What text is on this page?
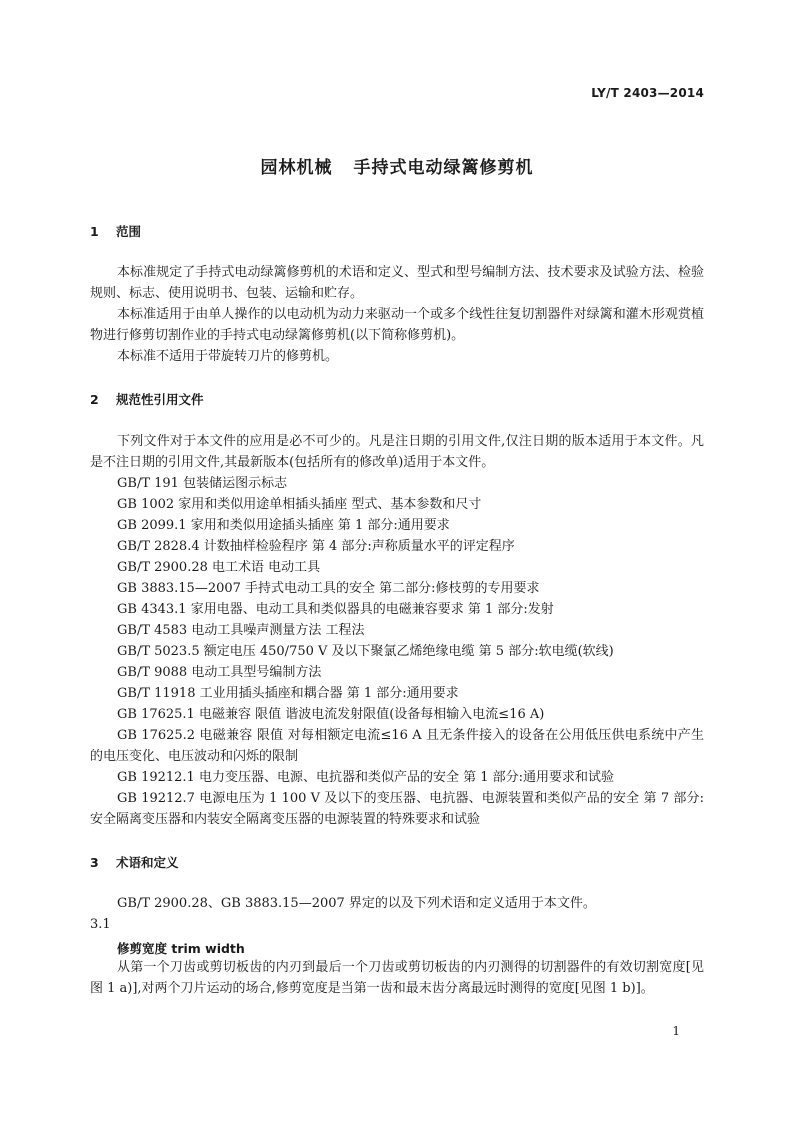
LY/T 2403—2014
园林机械 手持式电动绿篱修剪机
1 范围

本标准规定了手持式电动绿篱修剪机的术语和定义、型式和型号编制方法、技术要求及试验方法、检验规则、标志、使用说明书、包装、运输和贮存。

本标准适用于由单人操作的以电动机为动力来驱动一个或多个线性往复切割器件对绿篱和灌木形观赏植物进行修剪切割作业的手持式电动绿篱修剪机(以下简称修剪机)。

本标准不适用于带旋转刀片的修剪机。

2 规范性引用文件

下列文件对于本文件的应用是必不可少的。凡是注日期的引用文件,仅注日期的版本适用于本文件。凡是不注日期的引用文件,其最新版本(包括所有的修改单)适用于本文件。

GB/T 191 包装储运图示标志

GB 1002 家用和类似用途单相插头插座 型式、基本参数和尺寸

GB 2099.1 家用和类似用途插头插座 第 1 部分:通用要求

GB/T 2828.4 计数抽样检验程序 第 4 部分:声称质量水平的评定程序

GB/T 2900.28 电工术语 电动工具

GB 3883.15—2007 手持式电动工具的安全 第二部分:修枝剪的专用要求

GB 4343.1 家用电器、电动工具和类似器具的电磁兼容要求 第 1 部分:发射

GB/T 4583 电动工具噪声测量方法 工程法

GB/T 5023.5 额定电压 450/750 V 及以下聚氯乙烯绝缘电缆 第 5 部分:软电缆(软线)

GB/T 9088 电动工具型号编制方法

GB/T 11918 工业用插头插座和耦合器 第 1 部分:通用要求

GB 17625.1 电磁兼容 限值 谐波电流发射限值(设备每相输入电流≤16 A)

GB 17625.2 电磁兼容 限值 对每相额定电流≤16 A 且无条件接入的设备在公用低压供电系统中产生的电压变化、电压波动和闪烁的限制

GB 19212.1 电力变压器、电源、电抗器和类似产品的安全 第 1 部分:通用要求和试验

GB 19212.7 电源电压为 1 100 V 及以下的变压器、电抗器、电源装置和类似产品的安全 第 7 部分:安全隔离变压器和内装安全隔离变压器的电源装置的特殊要求和试验

3 术语和定义

GB/T 2900.28、GB 3883.15—2007 界定的以及下列术语和定义适用于本文件。

3.1

修剪宽度 trim width

从第一个刀齿或剪切板齿的内刃到最后一个刀齿或剪切板齿的内刃测得的切割器件的有效切割宽度[见图 1 a)],对两个刀片运动的场合,修剪宽度是当第一齿和最末齿分离最远时测得的宽度[见图 1 b)]。

1
